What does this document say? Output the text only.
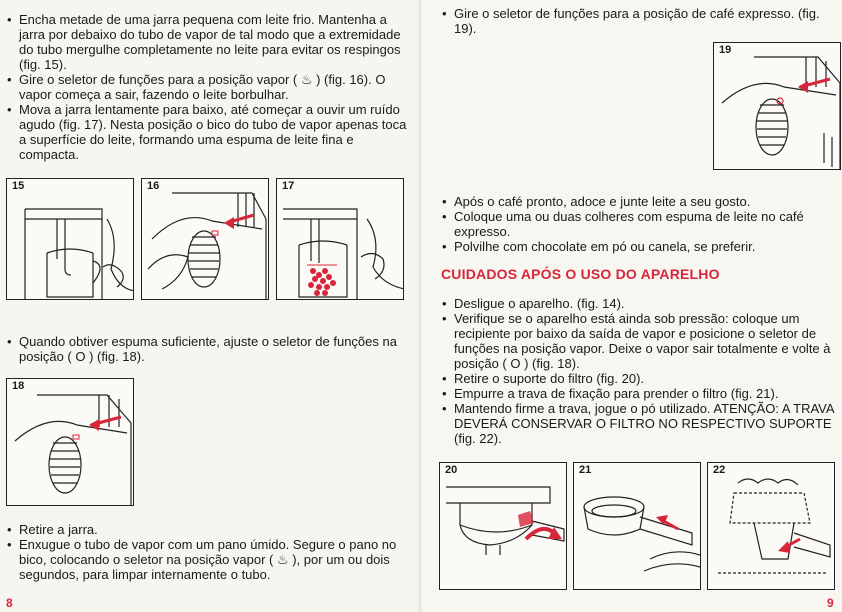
• Encha metade de uma jarra pequena com leite frio. Mantenha a jarra por debaixo do tubo de vapor de tal modo que a extremidade do tubo mergulhe completamente no leite para evitar os respingos (fig. 15).
• Gire o seletor de funções para a posição vapor ( ♨ ) (fig. 16). O vapor começa a sair, fazendo o leite borbulhar.
• Mova a jarra lentamente para baixo, até começar a ouvir um ruído agudo (fig. 17). Nesta posição o bico do tubo de vapor apenas toca a superfície do leite, formando uma espuma de leite fina e compacta.
15	16	17
• Quando obtiver espuma suficiente, ajuste o seletor de funções na posição ( O ) (fig. 18).
18
• Retire a jarra.
• Enxugue o tubo de vapor com um pano úmido. Segure o pano no bico, colocando o seletor na posição vapor ( ♨ ), por um ou dois segundos, para limpar internamente o tubo.
8
• Gire o seletor de funções para a posição de café expresso. (fig. 19).
19
• Após o café pronto, adoce e junte leite a seu gosto.
• Coloque uma ou duas colheres com espuma de leite no café expresso.
• Polvilhe com chocolate em pó ou canela, se preferir.
CUIDADOS APÓS O USO DO APARELHO
• Desligue o aparelho. (fig. 14).
• Verifique se o aparelho está ainda sob pressão: coloque um recipiente por baixo da saída de vapor e posicione o seletor de funções na posição vapor. Deixe o vapor sair totalmente e volte à posição ( O ) (fig. 18).
• Retire o suporte do filtro (fig. 20).
• Empurre a trava de fixação para prender o filtro (fig. 21).
• Mantendo firme a trava, jogue o pó utilizado. ATENÇÃO: A TRAVA DEVERÁ CONSERVAR O FILTRO NO RESPECTIVO SUPORTE (fig. 22).
20	21	22
9
